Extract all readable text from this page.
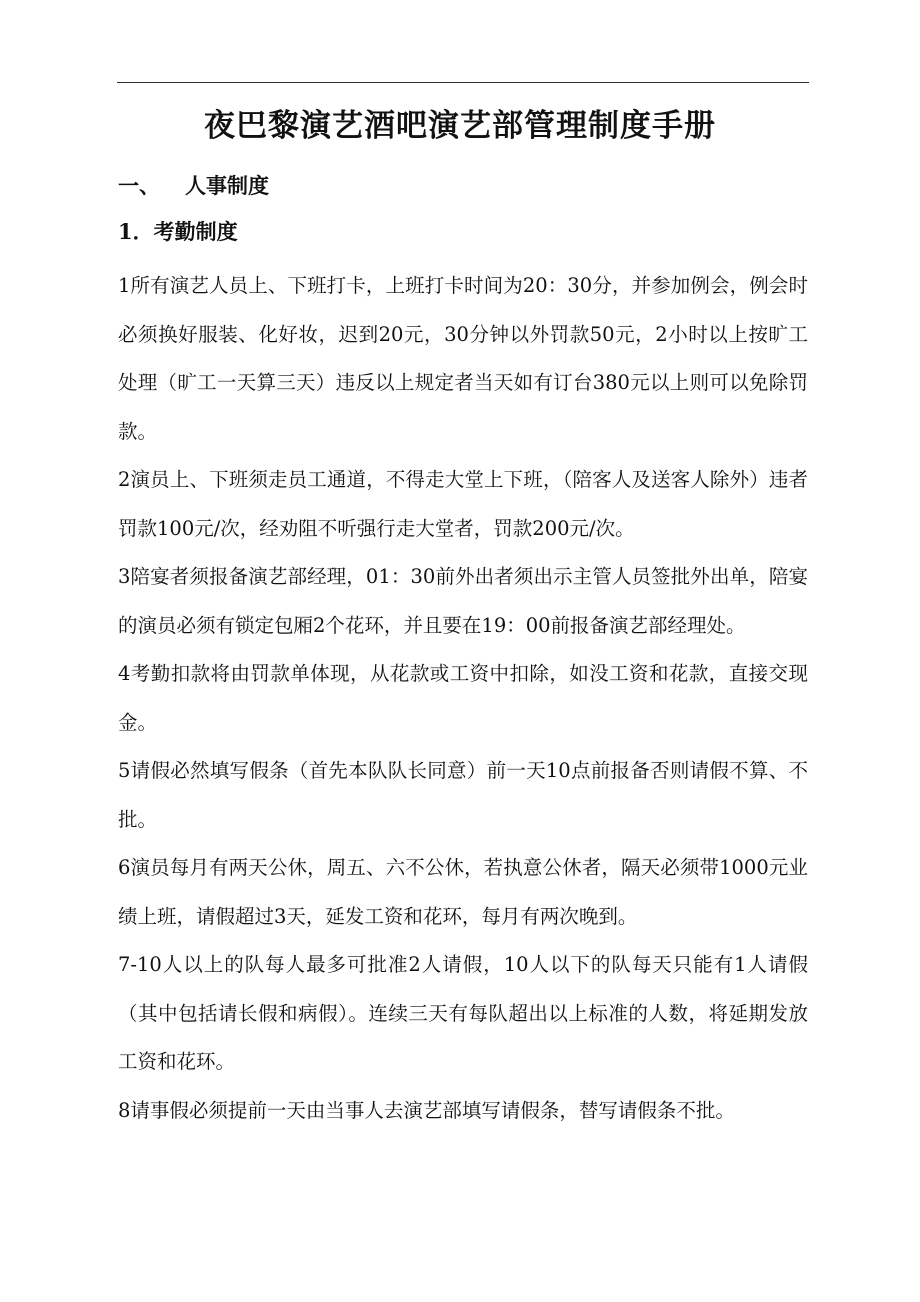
夜巴黎演艺酒吧演艺部管理制度手册
一、 人事制度
1．考勤制度

1所有演艺人员上、下班打卡，上班打卡时间为20：30分，并参加例会，例会时必须换好服装、化好妆，迟到20元，30分钟以外罚款50元，2小时以上按旷工处理（旷工一天算三天）违反以上规定者当天如有订台380元以上则可以免除罚款。

2演员上、下班须走员工通道，不得走大堂上下班，（陪客人及送客人除外）违者罚款100元/次，经劝阻不听强行走大堂者，罚款200元/次。

3陪宴者须报备演艺部经理，01：30前外出者须出示主管人员签批外出单，陪宴的演员必须有锁定包厢2个花环，并且要在19：00前报备演艺部经理处。

4考勤扣款将由罚款单体现，从花款或工资中扣除，如没工资和花款，直接交现金。

5请假必然填写假条（首先本队队长同意）前一天10点前报备否则请假不算、不批。

6演员每月有两天公休，周五、六不公休，若执意公休者，隔天必须带1000元业绩上班，请假超过3天，延发工资和花环，每月有两次晚到。

7-10人以上的队每人最多可批准2人请假，10人以下的队每天只能有1人请假（其中包括请长假和病假）。连续三天有每队超出以上标准的人数，将延期发放工资和花环。

8请事假必须提前一天由当事人去演艺部填写请假条，替写请假条不批。
